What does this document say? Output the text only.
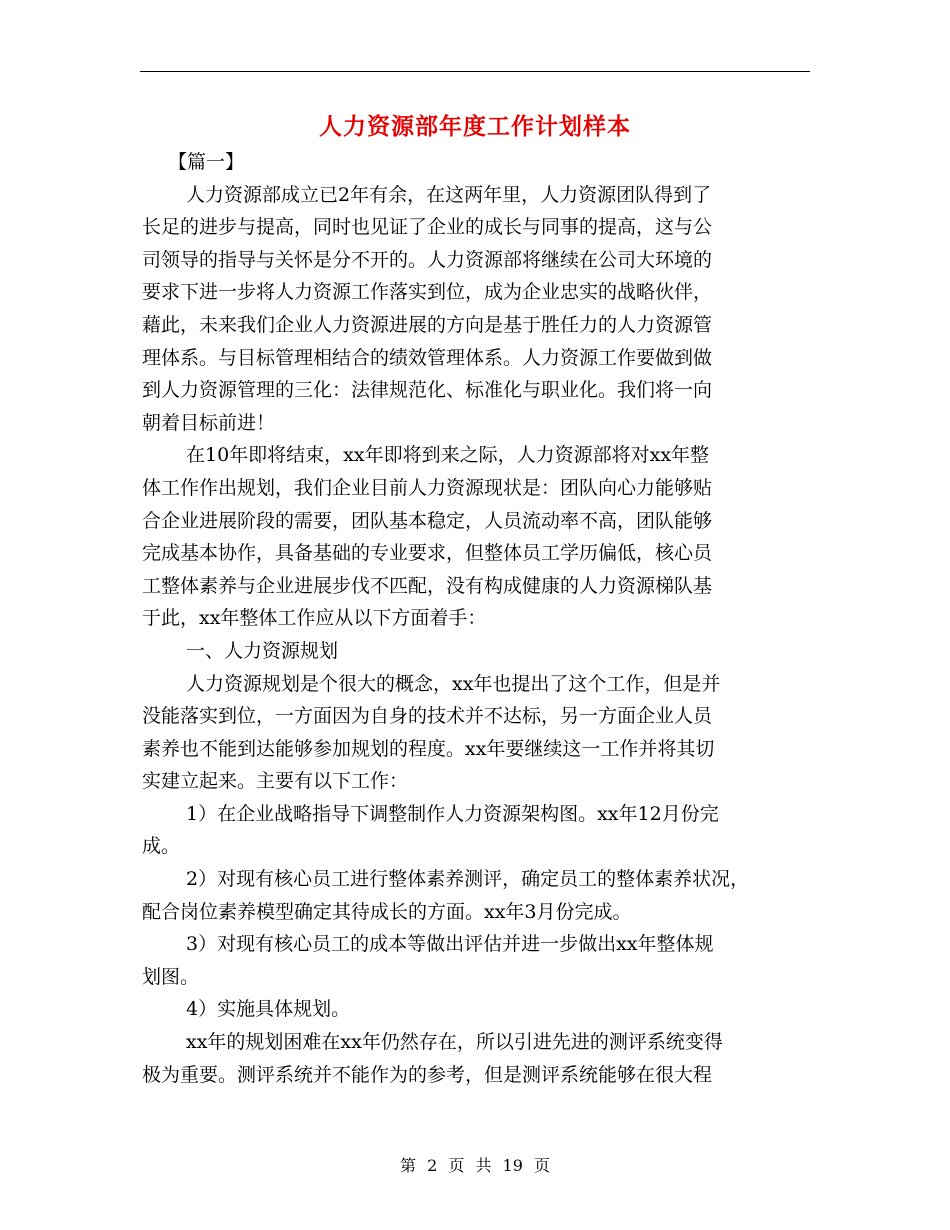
人力资源部年度工作计划样本
【篇一】
人力资源部成立已2年有余，在这两年里，人力资源团队得到了
长足的进步与提高，同时也见证了企业的成长与同事的提高，这与公
司领导的指导与关怀是分不开的。人力资源部将继续在公司大环境的
要求下进一步将人力资源工作落实到位，成为企业忠实的战略伙伴，
藉此，未来我们企业人力资源进展的方向是基于胜任力的人力资源管
理体系。与目标管理相结合的绩效管理体系。人力资源工作要做到做
到人力资源管理的三化：法律规范化、标准化与职业化。我们将一向
朝着目标前进！
在10年即将结束，xx年即将到来之际，人力资源部将对xx年整
体工作作出规划，我们企业目前人力资源现状是：团队向心力能够贴
合企业进展阶段的需要，团队基本稳定，人员流动率不高，团队能够
完成基本协作，具备基础的专业要求，但整体员工学历偏低，核心员
工整体素养与企业进展步伐不匹配，没有构成健康的人力资源梯队基
于此，xx年整体工作应从以下方面着手：
一、人力资源规划
人力资源规划是个很大的概念，xx年也提出了这个工作，但是并
没能落实到位，一方面因为自身的技术并不达标，另一方面企业人员
素养也不能到达能够参加规划的程度。xx年要继续这一工作并将其切
实建立起来。主要有以下工作：
1）在企业战略指导下调整制作人力资源架构图。xx年12月份完
成。
2）对现有核心员工进行整体素养测评，确定员工的整体素养状况，
配合岗位素养模型确定其待成长的方面。xx年3月份完成。
3）对现有核心员工的成本等做出评估并进一步做出xx年整体规
划图。
4）实施具体规划。
xx年的规划困难在xx年仍然存在，所以引进先进的测评系统变得
极为重要。测评系统并不能作为的参考，但是测评系统能够在很大程
第 2 页 共 19 页
